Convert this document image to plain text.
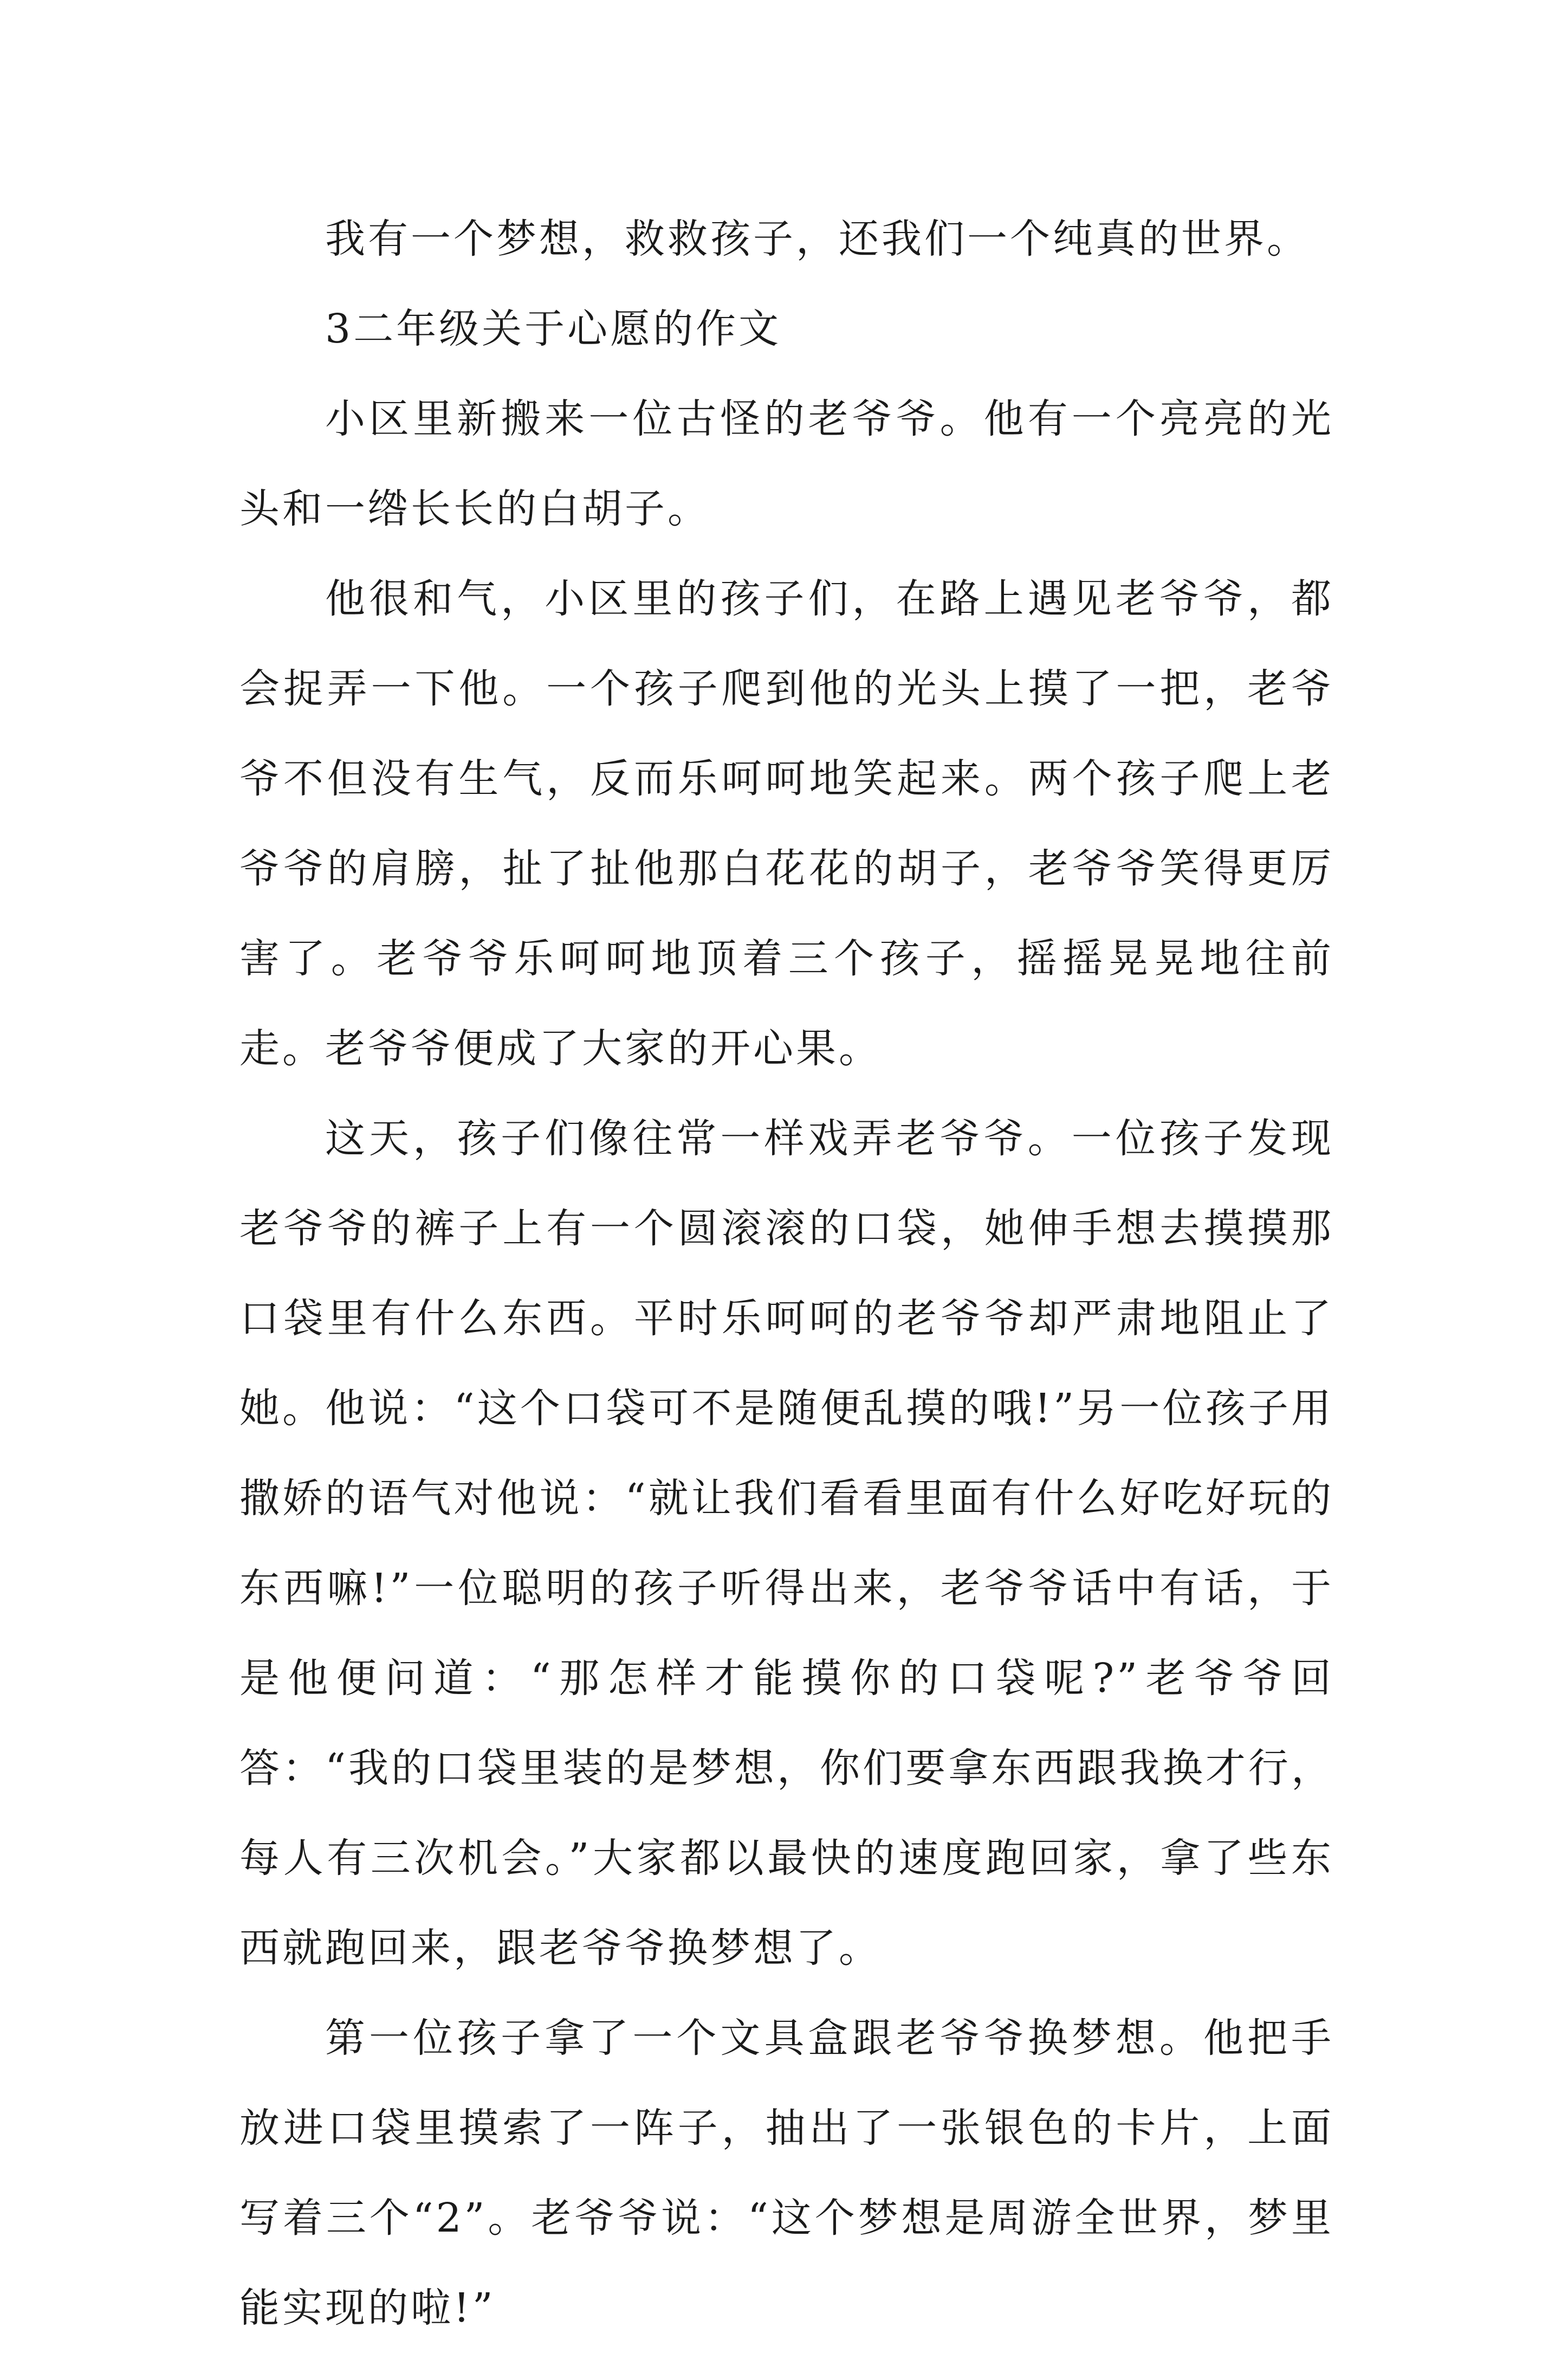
我有一个梦想，救救孩子，还我们一个纯真的世界。

3二年级关于心愿的作文

小区里新搬来一位古怪的老爷爷。他有一个亮亮的光头和一绺长长的白胡子。

他很和气，小区里的孩子们，在路上遇见老爷爷，都会捉弄一下他。一个孩子爬到他的光头上摸了一把，老爷爷不但没有生气，反而乐呵呵地笑起来。两个孩子爬上老爷爷的肩膀，扯了扯他那白花花的胡子，老爷爷笑得更厉害了。老爷爷乐呵呵地顶着三个孩子，摇摇晃晃地往前走。老爷爷便成了大家的开心果。

这天，孩子们像往常一样戏弄老爷爷。一位孩子发现老爷爷的裤子上有一个圆滚滚的口袋，她伸手想去摸摸那口袋里有什么东西。平时乐呵呵的老爷爷却严肃地阻止了她。他说：“这个口袋可不是随便乱摸的哦!”另一位孩子用撒娇的语气对他说：“就让我们看看里面有什么好吃好玩的东西嘛!”一位聪明的孩子听得出来，老爷爷话中有话，于是他便问道：“那怎样才能摸你的口袋呢?”老爷爷回答：“我的口袋里装的是梦想，你们要拿东西跟我换才行，每人有三次机会。”大家都以最快的速度跑回家，拿了些东西就跑回来，跟老爷爷换梦想了。

第一位孩子拿了一个文具盒跟老爷爷换梦想。他把手放进口袋里摸索了一阵子，抽出了一张银色的卡片，上面写着三个“2”。老爷爷说：“这个梦想是周游全世界，梦里能实现的啦!”
